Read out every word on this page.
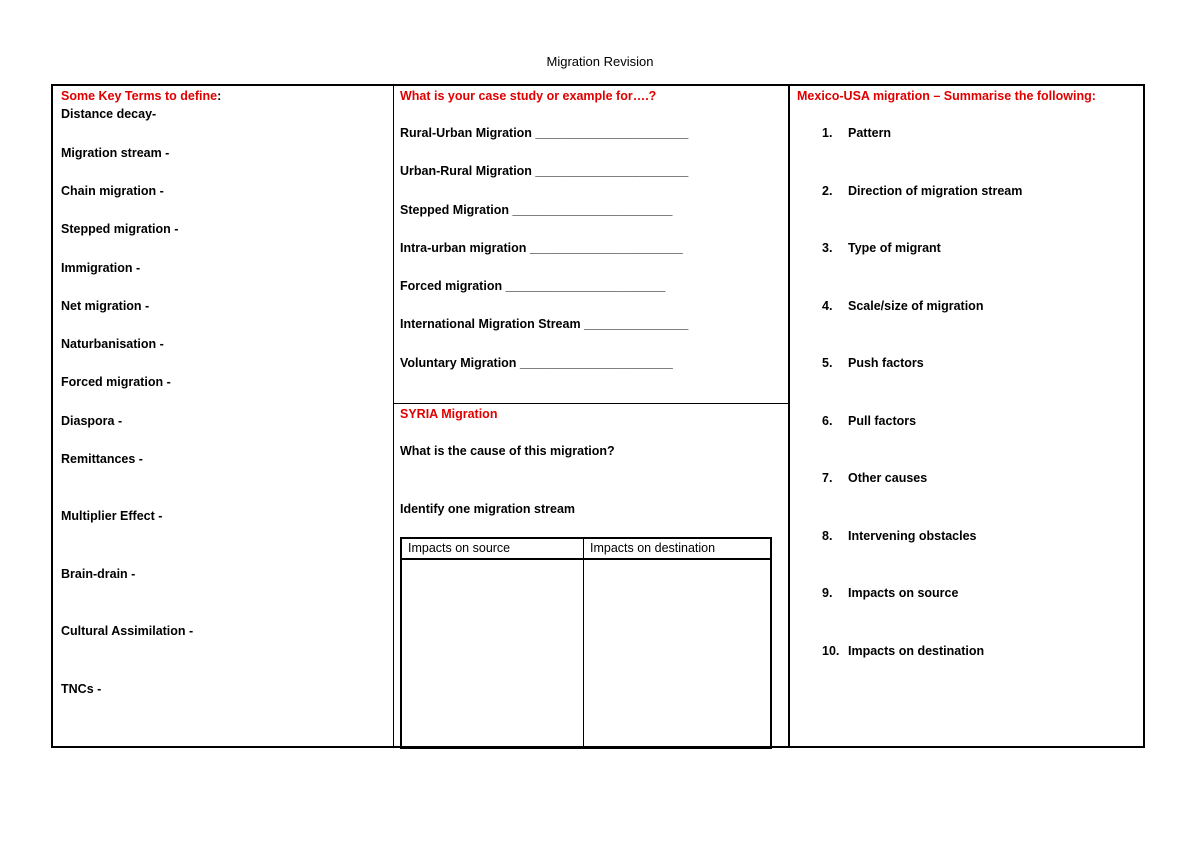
Migration Revision
Some Key Terms to define:
Distance decay-
Migration stream -
Chain migration -
Stepped migration -
Immigration -
Net migration -
Naturbanisation -
Forced migration -
Diaspora -
Remittances -
Multiplier Effect -
Brain-drain -
Cultural Assimilation -
TNCs -
What is your case study or example for….?
Rural-Urban Migration ______________________
Urban-Rural Migration ______________________
Stepped Migration _______________________
Intra-urban migration ______________________
Forced migration _______________________
International Migration Stream _______________
Voluntary Migration ______________________
SYRIA Migration
What is the cause of this migration?
Identify one migration stream
Impacts on source	Impacts on destination
Mexico-USA migration – Summarise the following:
1. Pattern
2. Direction of migration stream
3. Type of migrant
4. Scale/size of migration
5. Push factors
6. Pull factors
7. Other causes
8. Intervening obstacles
9. Impacts on source
10. Impacts on destination
